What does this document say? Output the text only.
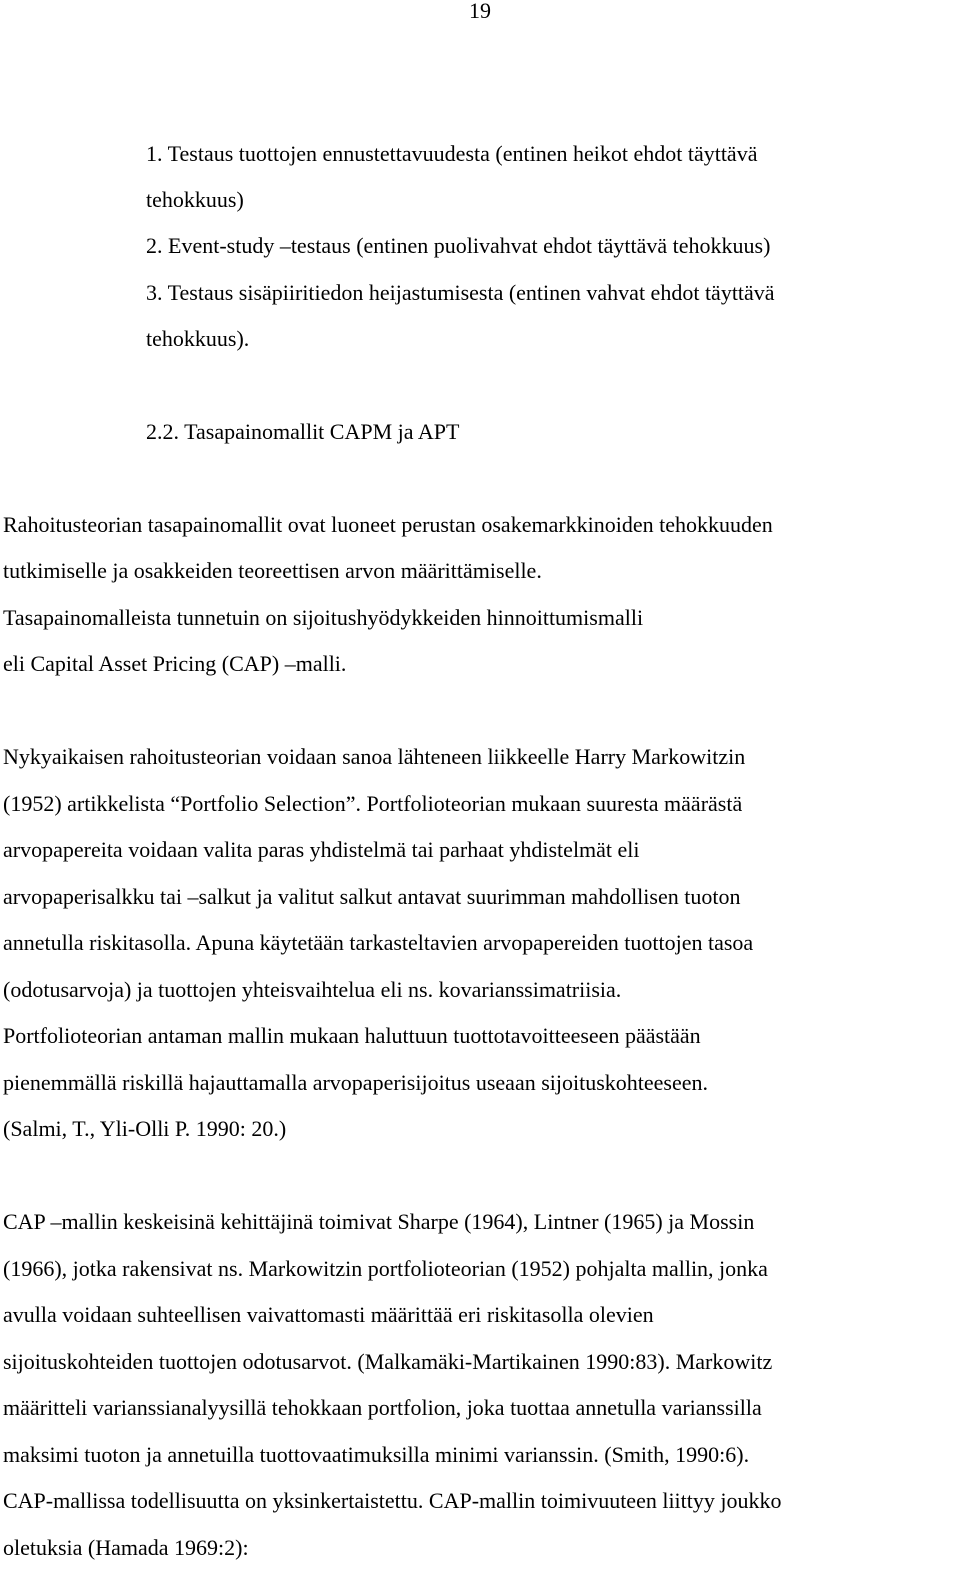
19
1. Testaus tuottojen ennustettavuudesta (entinen heikot ehdot täyttävä
tehokkuus)
2. Event-study –testaus (entinen puolivahvat ehdot täyttävä tehokkuus)
3. Testaus sisäpiiritiedon heijastumisesta (entinen vahvat ehdot täyttävä
tehokkuus).
2.2. Tasapainomallit CAPM ja APT
Rahoitusteorian tasapainomallit ovat luoneet perustan osakemarkkinoiden tehokkuuden
tutkimiselle ja osakkeiden teoreettisen arvon määrittämiselle.
Tasapainomalleista tunnetuin on sijoitushyödykkeiden hinnoittumismalli
eli Capital Asset Pricing (CAP) –malli.
Nykyaikaisen rahoitusteorian voidaan sanoa lähteneen liikkeelle Harry Markowitzin
(1952) artikkelista “Portfolio Selection”. Portfolioteorian mukaan suuresta määrästä
arvopapereita voidaan valita paras yhdistelmä tai parhaat yhdistelmät eli
arvopaperisalkku tai –salkut ja valitut salkut antavat suurimman mahdollisen tuoton
annetulla riskitasolla. Apuna käytetään tarkasteltavien arvopapereiden tuottojen tasoa
(odotusarvoja) ja tuottojen yhteisvaihtelua eli ns. kovarianssimatriisia.
Portfolioteorian antaman mallin mukaan haluttuun tuottotavoitteeseen päästään
pienemmällä riskillä hajauttamalla arvopaperisijoitus useaan sijoituskohteeseen.
(Salmi, T., Yli-Olli P. 1990: 20.)
CAP –mallin keskeisinä kehittäjinä toimivat Sharpe (1964), Lintner (1965) ja Mossin
(1966), jotka rakensivat ns. Markowitzin portfolioteorian (1952) pohjalta mallin, jonka
avulla voidaan suhteellisen vaivattomasti määrittää eri riskitasolla olevien
sijoituskohteiden tuottojen odotusarvot. (Malkamäki-Martikainen 1990:83). Markowitz
määritteli varianssianalyysillä tehokkaan portfolion, joka tuottaa annetulla varianssilla
maksimi tuoton ja annetuilla tuottovaatimuksilla minimi varianssin. (Smith, 1990:6).
CAP-mallissa todellisuutta on yksinkertaistettu. CAP-mallin toimivuuteen liittyy joukko
oletuksia (Hamada 1969:2):
